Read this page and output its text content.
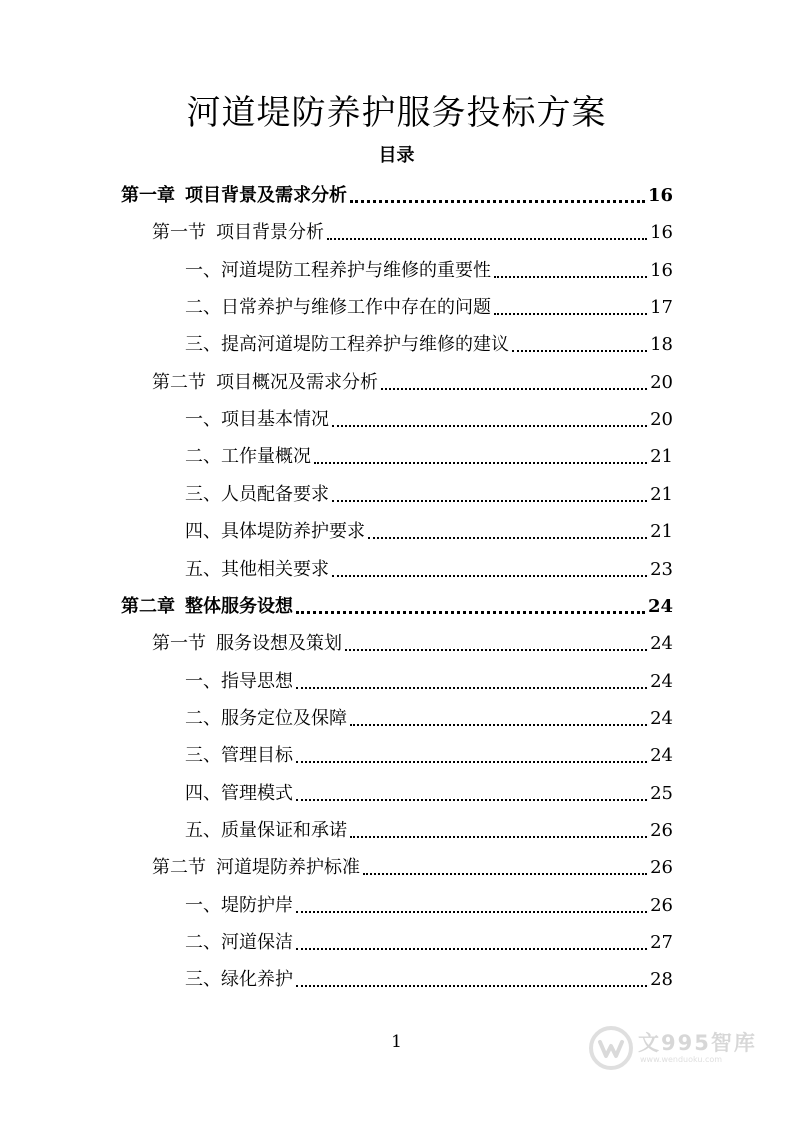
河道堤防养护服务投标方案
目录
第一章 项目背景及需求分析	16
第一节 项目背景分析	16
一、河道堤防工程养护与维修的重要性	16
二、日常养护与维修工作中存在的问题	17
三、提高河道堤防工程养护与维修的建议	18
第二节 项目概况及需求分析	20
一、项目基本情况	20
二、工作量概况	21
三、人员配备要求	21
四、具体堤防养护要求	21
五、其他相关要求	23
第二章 整体服务设想	24
第一节 服务设想及策划	24
一、指导思想	24
二、服务定位及保障	24
三、管理目标	24
四、管理模式	25
五、质量保证和承诺	26
第二节 河道堤防养护标准	26
一、堤防护岸	26
二、河道保洁	27
三、绿化养护	28
1	文995智库
www.wenduoku.com
